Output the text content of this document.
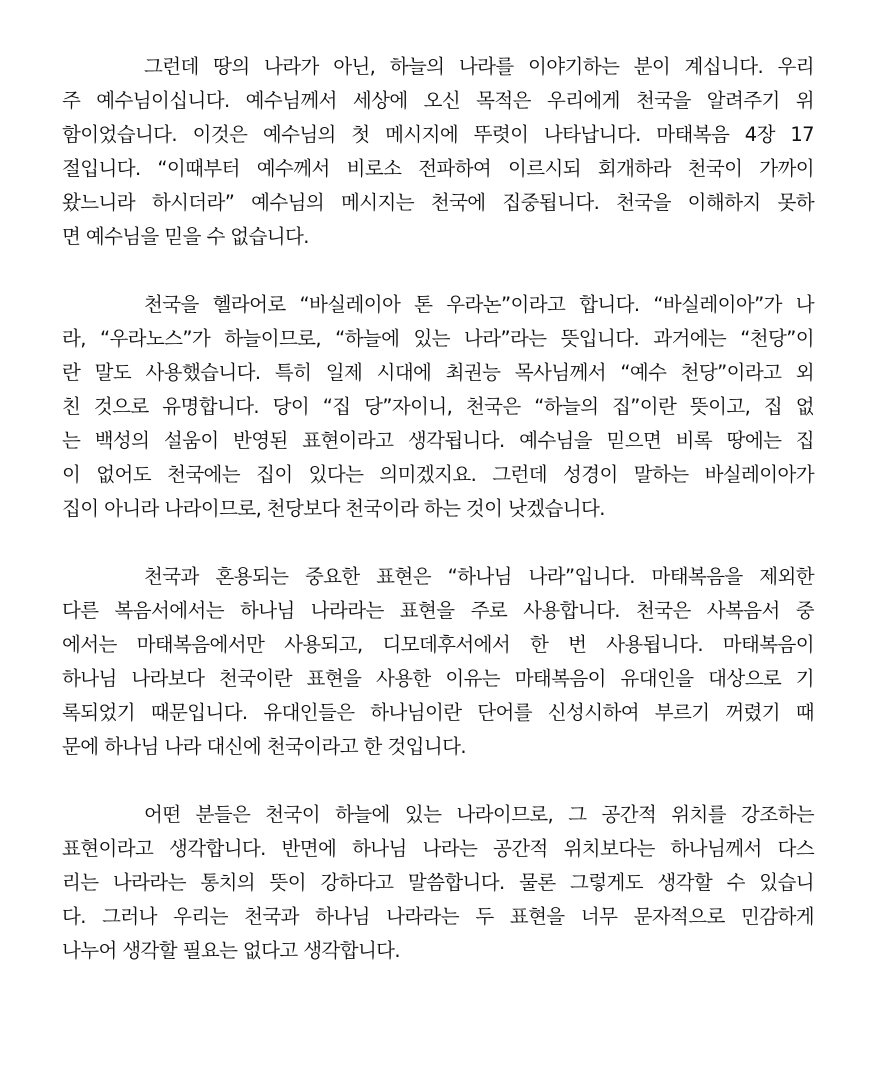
그런데 땅의 나라가 아닌, 하늘의 나라를 이야기하는 분이 계십니다. 우리
주 예수님이십니다. 예수님께서 세상에 오신 목적은 우리에게 천국을 알려주기 위
함이었습니다. 이것은 예수님의 첫 메시지에 뚜렷이 나타납니다. 마태복음 4장 17
절입니다. “이때부터 예수께서 비로소 전파하여 이르시되 회개하라 천국이 가까이
왔느니라 하시더라” 예수님의 메시지는 천국에 집중됩니다. 천국을 이해하지 못하
면 예수님을 믿을 수 없습니다.
천국을 헬라어로 “바실레이아 톤 우라논”이라고 합니다. “바실레이아”가 나
라, “우라노스”가 하늘이므로, “하늘에 있는 나라”라는 뜻입니다. 과거에는 “천당”이
란 말도 사용했습니다. 특히 일제 시대에 최권능 목사님께서 “예수 천당”이라고 외
친 것으로 유명합니다. 당이 “집 당”자이니, 천국은 “하늘의 집”이란 뜻이고, 집 없
는 백성의 설움이 반영된 표현이라고 생각됩니다. 예수님을 믿으면 비록 땅에는 집
이 없어도 천국에는 집이 있다는 의미겠지요. 그런데 성경이 말하는 바실레이아가
집이 아니라 나라이므로, 천당보다 천국이라 하는 것이 낫겠습니다.
천국과 혼용되는 중요한 표현은 “하나님 나라”입니다. 마태복음을 제외한
다른 복음서에서는 하나님 나라라는 표현을 주로 사용합니다. 천국은 사복음서 중
에서는 마태복음에서만 사용되고, 디모데후서에서 한 번 사용됩니다. 마태복음이
하나님 나라보다 천국이란 표현을 사용한 이유는 마태복음이 유대인을 대상으로 기
록되었기 때문입니다. 유대인들은 하나님이란 단어를 신성시하여 부르기 꺼렸기 때
문에 하나님 나라 대신에 천국이라고 한 것입니다.
어떤 분들은 천국이 하늘에 있는 나라이므로, 그 공간적 위치를 강조하는
표현이라고 생각합니다. 반면에 하나님 나라는 공간적 위치보다는 하나님께서 다스
리는 나라라는 통치의 뜻이 강하다고 말씀합니다. 물론 그렇게도 생각할 수 있습니
다. 그러나 우리는 천국과 하나님 나라라는 두 표현을 너무 문자적으로 민감하게
나누어 생각할 필요는 없다고 생각합니다.
